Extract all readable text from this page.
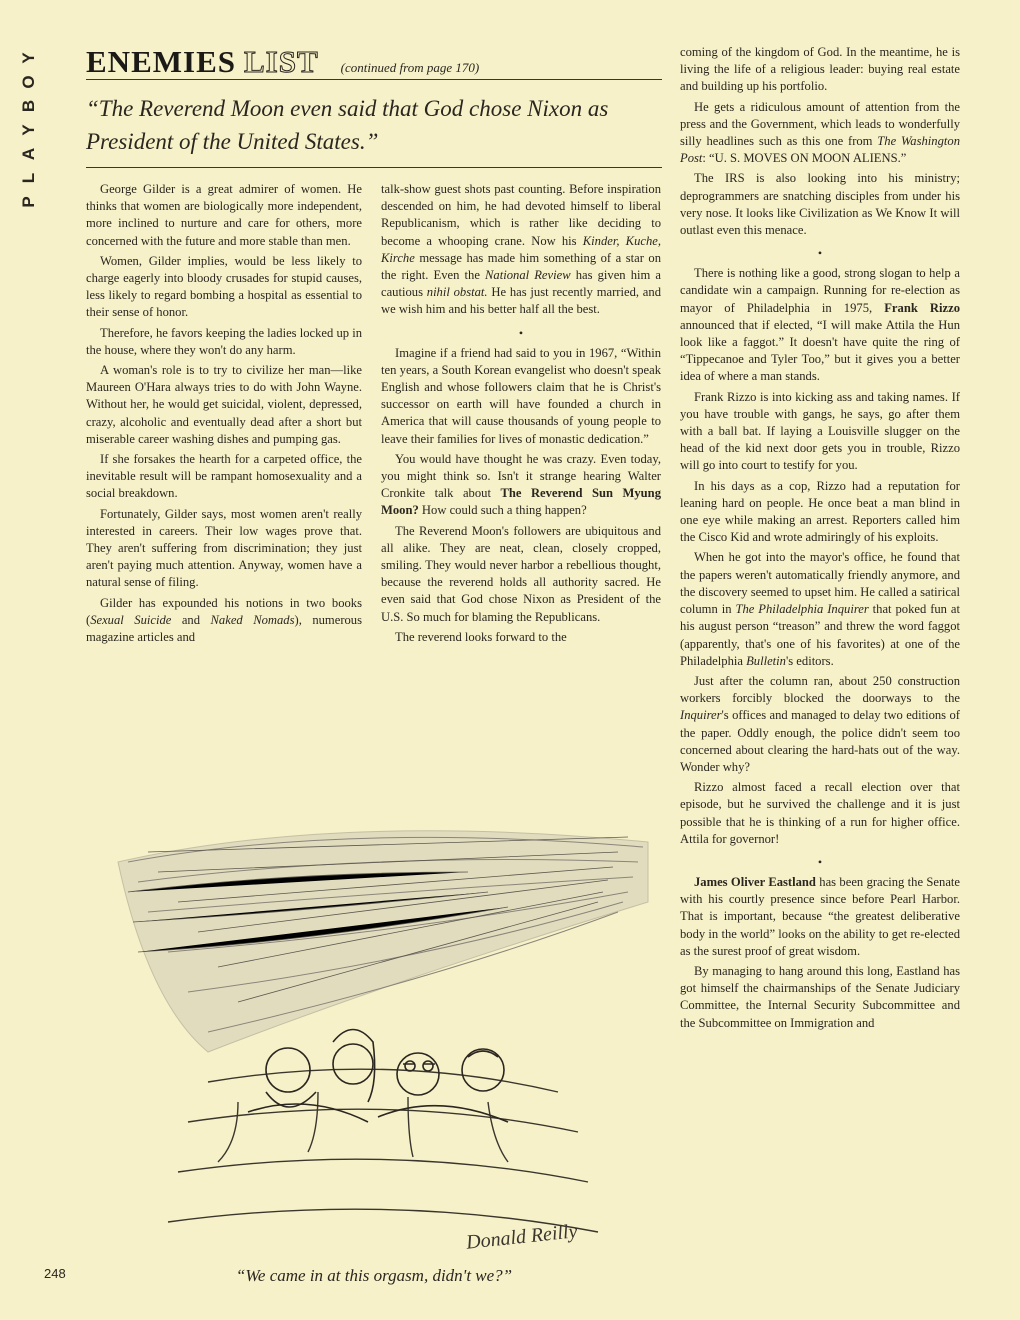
Y
O
B
Y
A
L
P
ENEMIES LIST (continued from page 170)
“The Reverend Moon even said that God chose Nixon as President of the United States.”

George Gilder is a great admirer of women. He thinks that women are biologically more independent, more inclined to nurture and care for others, more concerned with the future and more stable than men.

Women, Gilder implies, would be less likely to charge eagerly into bloody crusades for stupid causes, less likely to regard bombing a hospital as essential to their sense of honor.

Therefore, he favors keeping the ladies locked up in the house, where they won't do any harm.

A woman's role is to try to civilize her man—like Maureen O'Hara always tries to do with John Wayne. Without her, he would get suicidal, violent, depressed, crazy, alcoholic and eventually dead after a short but miserable career washing dishes and pumping gas.

If she forsakes the hearth for a carpeted office, the inevitable result will be rampant homosexuality and a social breakdown.

Fortunately, Gilder says, most women aren't really interested in careers. Their low wages prove that. They aren't suffering from discrimination; they just aren't paying much attention. Anyway, women have a natural sense of filing.

Gilder has expounded his notions in two books (Sexual Suicide and Naked Nomads), numerous magazine articles and

talk-show guest shots past counting. Before inspiration descended on him, he had devoted himself to liberal Republicanism, which is rather like deciding to become a whooping crane. Now his Kinder, Kuche, Kirche message has made him something of a star on the right. Even the National Review has given him a cautious nihil obstat. He has just recently married, and we wish him and his better half all the best.

•

Imagine if a friend had said to you in 1967, “Within ten years, a South Korean evangelist who doesn't speak English and whose followers claim that he is Christ's successor on earth will have founded a church in America that will cause thousands of young people to leave their families for lives of monastic dedication.”

You would have thought he was crazy. Even today, you might think so. Isn't it strange hearing Walter Cronkite talk about The Reverend Sun Myung Moon? How could such a thing happen?

The Reverend Moon's followers are ubiquitous and all alike. They are neat, clean, closely cropped, smiling. They would never harbor a rebellious thought, because the reverend holds all authority sacred. He even said that God chose Nixon as President of the U.S. So much for blaming the Republicans.

The reverend looks forward to the

coming of the kingdom of God. In the meantime, he is living the life of a religious leader: buying real estate and building up his portfolio.

He gets a ridiculous amount of attention from the press and the Government, which leads to wonderfully silly headlines such as this one from The Washington Post: “U. S. MOVES ON MOON ALIENS.”

The IRS is also looking into his ministry; deprogrammers are snatching disciples from under his very nose. It looks like Civilization as We Know It will outlast even this menace.

•

There is nothing like a good, strong slogan to help a candidate win a campaign. Running for re-election as mayor of Philadelphia in 1975, Frank Rizzo announced that if elected, “I will make Attila the Hun look like a faggot.” It doesn't have quite the ring of “Tippecanoe and Tyler Too,” but it gives you a better idea of where a man stands.

Frank Rizzo is into kicking ass and taking names. If you have trouble with gangs, he says, go after them with a ball bat. If laying a Louisville slugger on the head of the kid next door gets you in trouble, Rizzo will go into court to testify for you.

In his days as a cop, Rizzo had a reputation for leaning hard on people. He once beat a man blind in one eye while making an arrest. Reporters called him the Cisco Kid and wrote admiringly of his exploits.

When he got into the mayor's office, he found that the papers weren't automatically friendly anymore, and the discovery seemed to upset him. He called a satirical column in The Philadelphia Inquirer that poked fun at his august person “treason” and threw the word faggot (apparently, that's one of his favorites) at one of the Philadelphia Bulletin's editors.

Just after the column ran, about 250 construction workers forcibly blocked the doorways to the Inquirer's offices and managed to delay two editions of the paper. Oddly enough, the police didn't seem too concerned about clearing the hard-hats out of the way. Wonder why?

Rizzo almost faced a recall election over that episode, but he survived the challenge and it is just possible that he is thinking of a run for higher office. Attila for governor!

•

James Oliver Eastland has been gracing the Senate with his courtly presence since before Pearl Harbor. That is important, because “the greatest deliberative body in the world” looks on the ability to get re-elected as the surest proof of great wisdom.

By managing to hang around this long, Eastland has got himself the chairmanships of the Senate Judiciary Committee, the Internal Security Subcommittee and the Subcommittee on Immigration and

Donald Reilly
248	“We came in at this orgasm, didn't we?”
